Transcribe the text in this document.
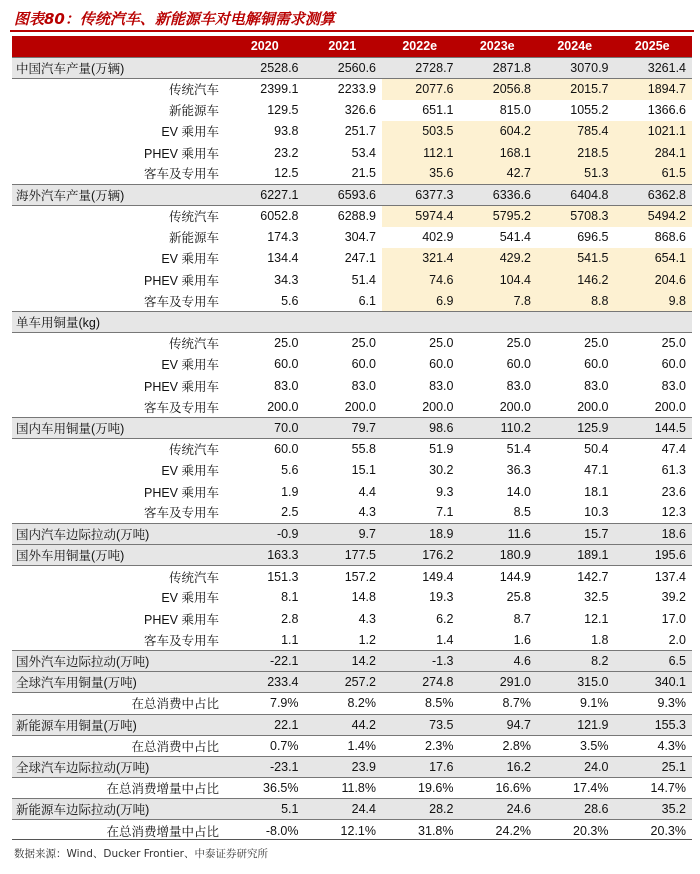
图表80：传统汽车、新能源车对电解铜需求测算
	2020	2021	2022e	2023e	2024e	2025e
中国汽车产量(万辆)	2528.6	2560.6	2728.7	2871.8	3070.9	3261.4
传统汽车	2399.1	2233.9	2077.6	2056.8	2015.7	1894.7
新能源车	129.5	326.6	651.1	815.0	1055.2	1366.6
EV 乘用车	93.8	251.7	503.5	604.2	785.4	1021.1
PHEV 乘用车	23.2	53.4	112.1	168.1	218.5	284.1
客车及专用车	12.5	21.5	35.6	42.7	51.3	61.5
海外汽车产量(万辆)	6227.1	6593.6	6377.3	6336.6	6404.8	6362.8
传统汽车	6052.8	6288.9	5974.4	5795.2	5708.3	5494.2
新能源车	174.3	304.7	402.9	541.4	696.5	868.6
EV 乘用车	134.4	247.1	321.4	429.2	541.5	654.1
PHEV 乘用车	34.3	51.4	74.6	104.4	146.2	204.6
客车及专用车	5.6	6.1	6.9	7.8	8.8	9.8
单车用铜量(kg)						
传统汽车	25.0	25.0	25.0	25.0	25.0	25.0
EV 乘用车	60.0	60.0	60.0	60.0	60.0	60.0
PHEV 乘用车	83.0	83.0	83.0	83.0	83.0	83.0
客车及专用车	200.0	200.0	200.0	200.0	200.0	200.0
国内车用铜量(万吨)	70.0	79.7	98.6	110.2	125.9	144.5
传统汽车	60.0	55.8	51.9	51.4	50.4	47.4
EV 乘用车	5.6	15.1	30.2	36.3	47.1	61.3
PHEV 乘用车	1.9	4.4	9.3	14.0	18.1	23.6
客车及专用车	2.5	4.3	7.1	8.5	10.3	12.3
国内汽车边际拉动(万吨)	-0.9	9.7	18.9	11.6	15.7	18.6
国外车用铜量(万吨)	163.3	177.5	176.2	180.9	189.1	195.6
传统汽车	151.3	157.2	149.4	144.9	142.7	137.4
EV 乘用车	8.1	14.8	19.3	25.8	32.5	39.2
PHEV 乘用车	2.8	4.3	6.2	8.7	12.1	17.0
客车及专用车	1.1	1.2	1.4	1.6	1.8	2.0
国外汽车边际拉动(万吨)	-22.1	14.2	-1.3	4.6	8.2	6.5
全球汽车用铜量(万吨)	233.4	257.2	274.8	291.0	315.0	340.1
在总消费中占比	7.9%	8.2%	8.5%	8.7%	9.1%	9.3%
新能源车用铜量(万吨)	22.1	44.2	73.5	94.7	121.9	155.3
在总消费中占比	0.7%	1.4%	2.3%	2.8%	3.5%	4.3%
全球汽车边际拉动(万吨)	-23.1	23.9	17.6	16.2	24.0	25.1
在总消费增量中占比	36.5%	11.8%	19.6%	16.6%	17.4%	14.7%
新能源车边际拉动(万吨)	5.1	24.4	28.2	24.6	28.6	35.2
在总消费增量中占比	-8.0%	12.1%	31.8%	24.2%	20.3%	20.3%
数据来源：Wind、Ducker Frontier、中泰证券研究所
